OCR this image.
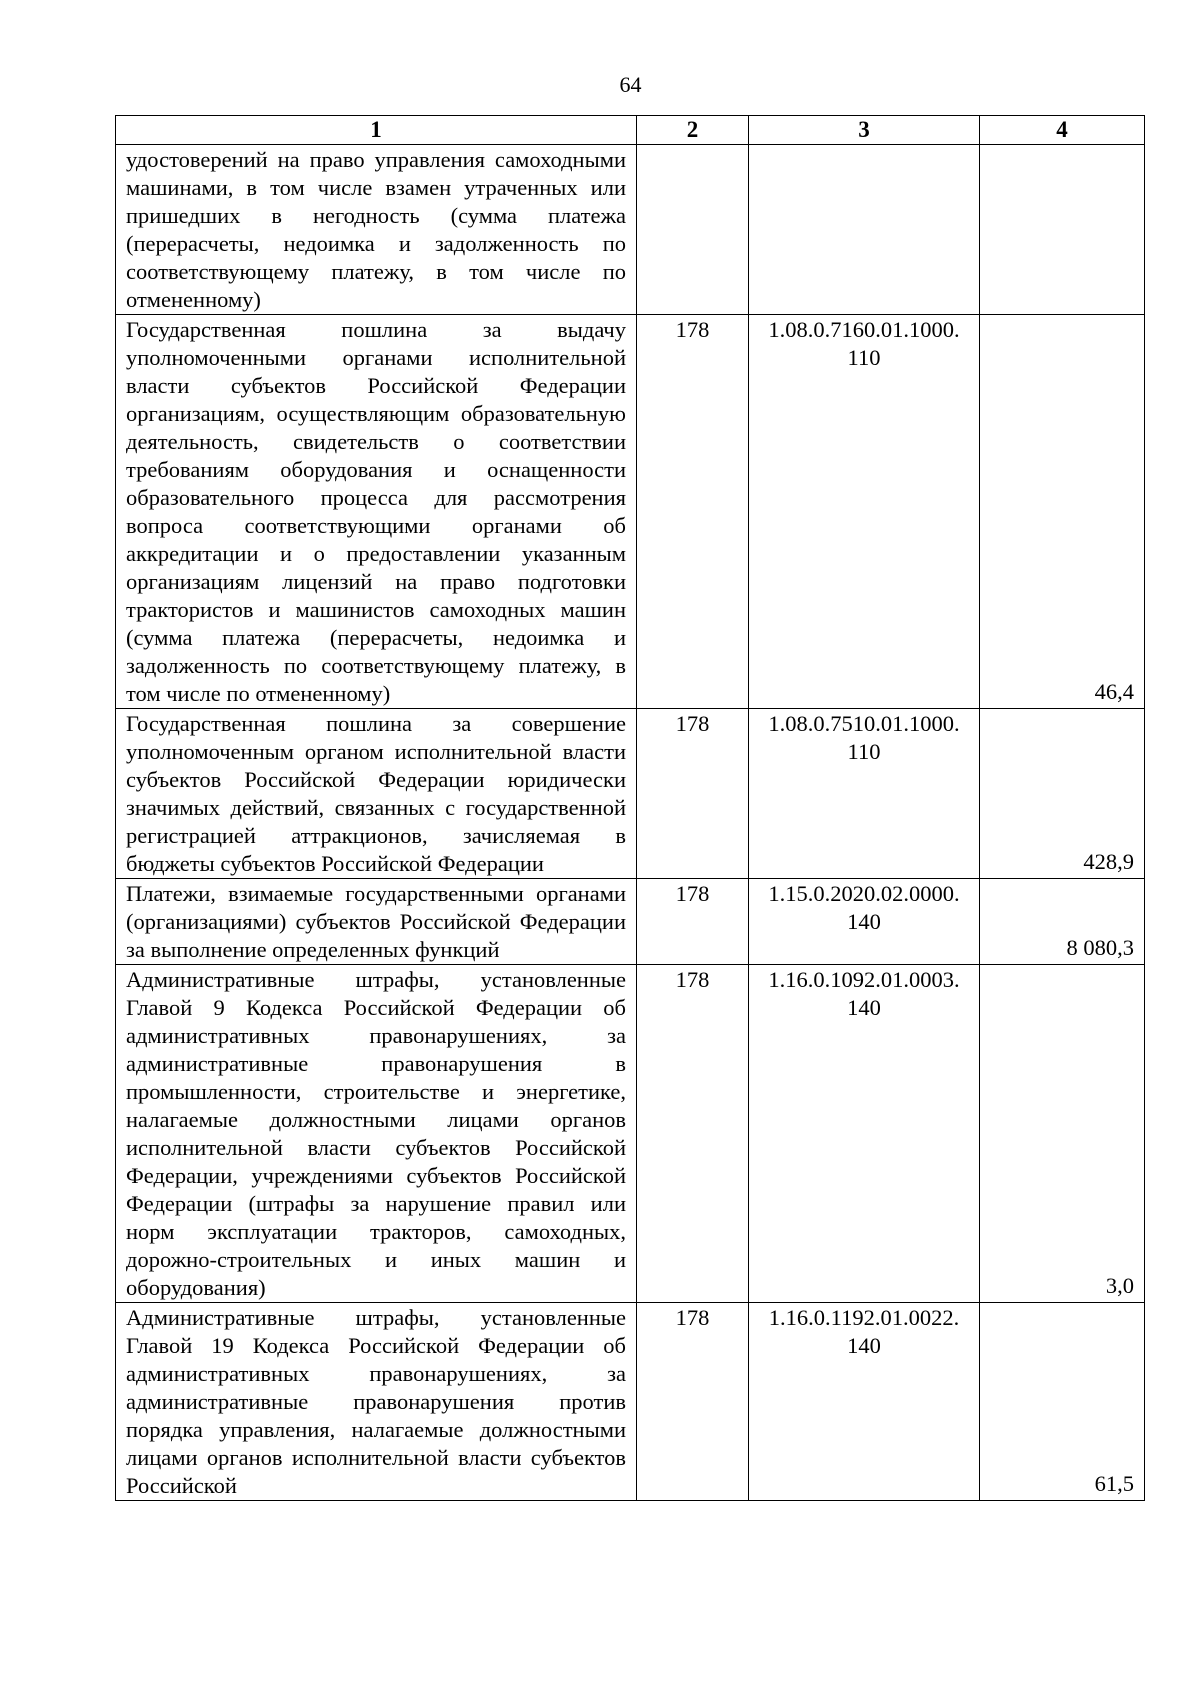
64
1	2	3	4
удостоверений на право управления самоходными машинами, в том числе взамен утраченных или пришедших в негодность (сумма платежа (перерасчеты, недоимка и задолженность по соответствующему платежу, в том числе по отмененному)		

Государственная пошлина за выдачу уполномоченными органами исполнительной власти субъектов Российской Федерации организациям, осуществляющим образовательную деятельность, свидетельств о соответствии требованиям оборудования и оснащенности образовательного процесса для рассмотрения вопроса соответствующими органами об аккредитации и о предоставлении указанным организациям лицензий на право подготовки трактористов и машинистов самоходных машин (сумма платежа (перерасчеты, недоимка и задолженность по соответствующему платежу, в том числе по отмененному)	178	1.08.0.7160.01.1000.
110	46,4
Государственная пошлина за совершение уполномоченным органом исполнительной власти субъектов Российской Федерации юридически значимых действий, связанных с государственной регистрацией аттракционов, зачисляемая в бюджеты субъектов Российской Федерации	178	1.08.0.7510.01.1000.
110	428,9
Платежи, взимаемые государственными органами (организациями) субъектов Российской Федерации за выполнение определенных функций	178	1.15.0.2020.02.0000.
140	8 080,3
Административные штрафы, установленные Главой 9 Кодекса Российской Федерации об административных правонарушениях, за административные правонарушения в промышленности, строительстве и энергетике, налагаемые должностными лицами органов исполнительной власти субъектов Российской Федерации, учреждениями субъектов Российской Федерации (штрафы за нарушение правил или норм эксплуатации тракторов, самоходных, дорожно-строительных и иных машин и оборудования)	178	1.16.0.1092.01.0003.
140	3,0
Административные штрафы, установленные Главой 19 Кодекса Российской Федерации об административных правонарушениях, за административные правонарушения против порядка управления, налагаемые должностными лицами органов исполнительной власти субъектов Российской	178	1.16.0.1192.01.0022.
140	61,5
